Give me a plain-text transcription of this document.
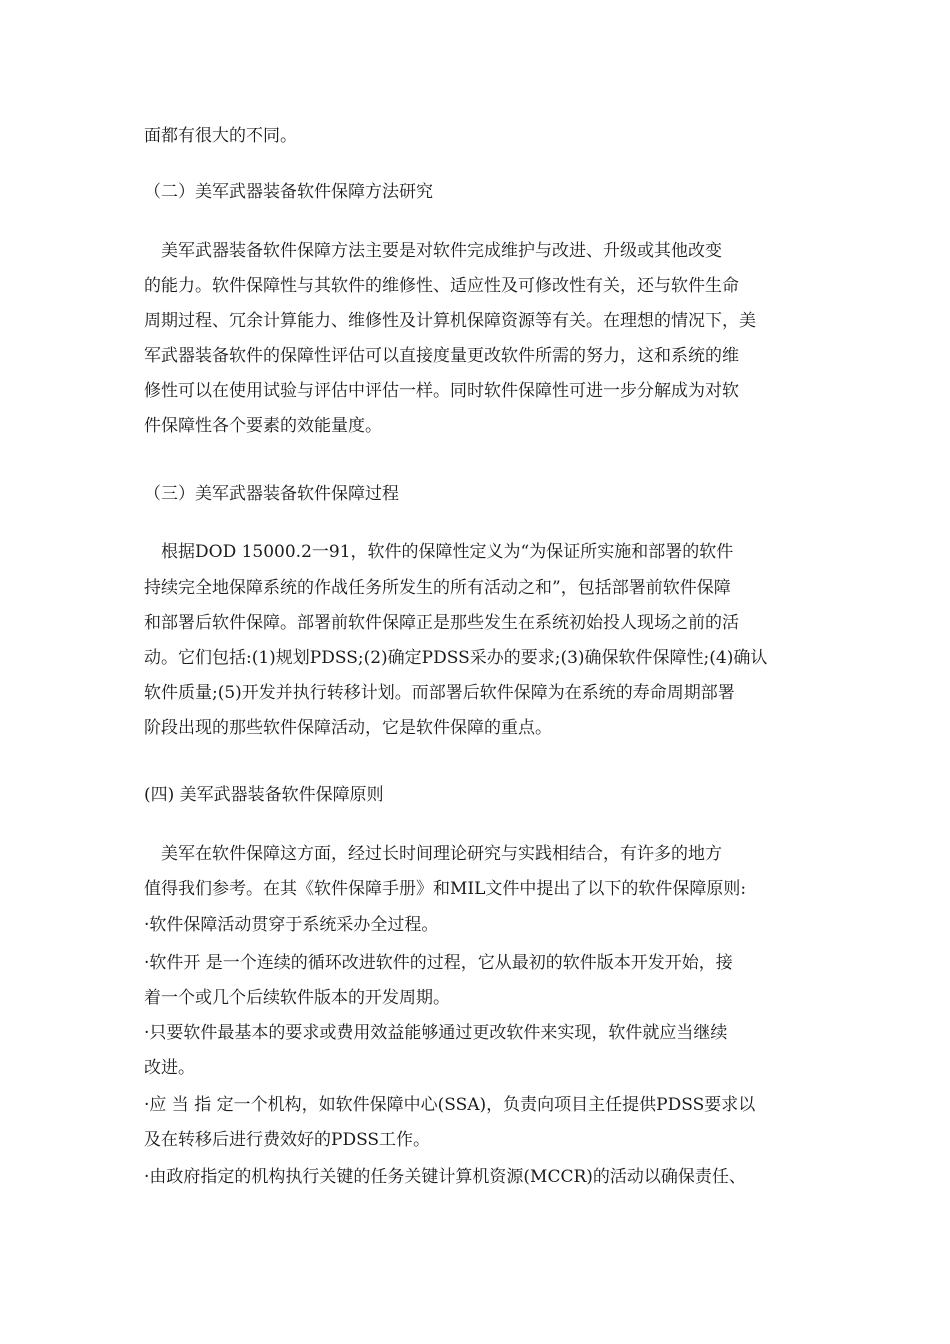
面都有很大的不同。
（二）美军武器装备软件保障方法研究
　美军武器装备软件保障方法主要是对软件完成维护与改进、升级或其他改变
的能力。软件保障性与其软件的维修性、适应性及可修改性有关，还与软件生命
周期过程、冗余计算能力、维修性及计算机保障资源等有关。在理想的情况下，美
军武器装备软件的保障性评估可以直接度量更改软件所需的努力，这和系统的维
修性可以在使用试验与评估中评估一样。同时软件保障性可进一步分解成为对软
件保障性各个要素的效能量度。
（三）美军武器装备软件保障过程
　根据DOD 15000.2一91，软件的保障性定义为“为保证所实施和部署的软件
持续完全地保障系统的作战任务所发生的所有活动之和”，包括部署前软件保障
和部署后软件保障。部署前软件保障正是那些发生在系统初始投人现场之前的活
动。它们包括:(1)规划PDSS;(2)确定PDSS采办的要求;(3)确保软件保障性;(4)确认
软件质量;(5)开发并执行转移计划。而部署后软件保障为在系统的寿命周期部署
阶段出现的那些软件保障活动，它是软件保障的重点。
(四) 美军武器装备软件保障原则
　美军在软件保障这方面，经过长时间理论研究与实践相结合，有许多的地方
值得我们参考。在其《软件保障手册》和MIL文件中提出了以下的软件保障原则:
·软件保障活动贯穿于系统采办全过程。
·软件开 是一个连续的循环改进软件的过程，它从最初的软件版本开发开始，接
着一个或几个后续软件版本的开发周期。
·只要软件最基本的要求或费用效益能够通过更改软件来实现，软件就应当继续
改进。
·应 当 指 定一个机构，如软件保障中心(SSA)，负责向项目主任提供PDSS要求以
及在转移后进行费效好的PDSS工作。
·由政府指定的机构执行关键的任务关键计算机资源(MCCR)的活动以确保责任、
